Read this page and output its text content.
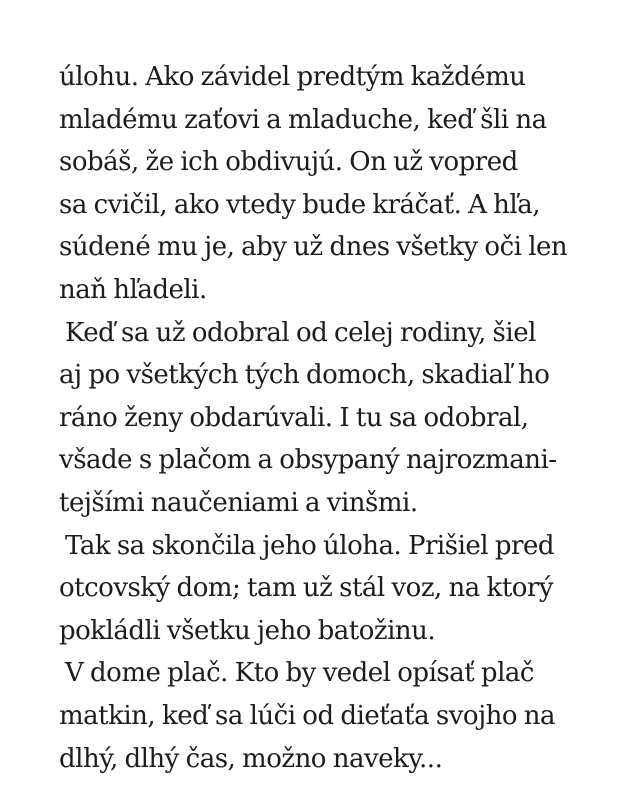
úlohu. Ako závidel predtým každému
mladému zaťovi a mladuche, keď šli na
sobáš, že ich obdivujú. On už vopred
sa cvičil, ako vtedy bude kráčať. A hľa,
súdené mu je, aby už dnes všetky oči len
naň hľadeli.
Keď sa už odobral od celej rodiny, šiel
aj po všetkých tých domoch, skadiaľ ho
ráno ženy obdarúvali. I tu sa odobral,
všade s plačom a obsypaný najrozmani-
tejšími naučeniami a vinšmi.
Tak sa skončila jeho úloha. Prišiel pred
otcovský dom; tam už stál voz, na ktorý
pokládli všetku jeho batožinu.
V dome plač. Kto by vedel opísať plač
matkin, keď sa lúči od dieťaťa svojho na
dlhý, dlhý čas, možno naveky...
